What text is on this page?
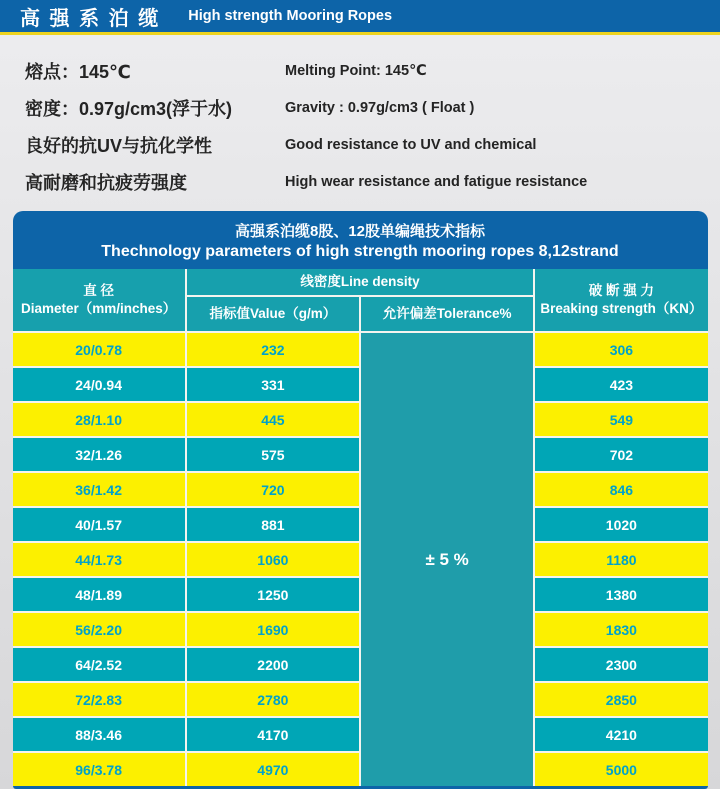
高 强 系 泊 缆 High strength Mooring Ropes
熔点：145℃	Melting Point: 145℃
密度：0.97g/cm3(浮于水)	Gravity : 0.97g/cm3 ( Float )
良好的抗UV与抗化学性	Good resistance to UV and chemical
高耐磨和抗疲劳强度	High wear resistance and fatigue resistance
高强系泊缆8股、12股单编绳技术指标
Thechnology parameters of high strength mooring ropes 8,12strand
直 径
Diameter（mm/inches）
线密度Line density
破 断 强 力
Breaking strength（KN）
指标值Value（g/m）	允许偏差Tolerance%
± 5 %
20/0.78	232	306
24/0.94	331	423
28/1.10	445	549
32/1.26	575	702
36/1.42	720	846
40/1.57	881	1020
44/1.73	1060	1180
48/1.89	1250	1380
56/2.20	1690	1830
64/2.52	2200	2300
72/2.83	2780	2850
88/3.46	4170	4210
96/3.78	4970	5000
